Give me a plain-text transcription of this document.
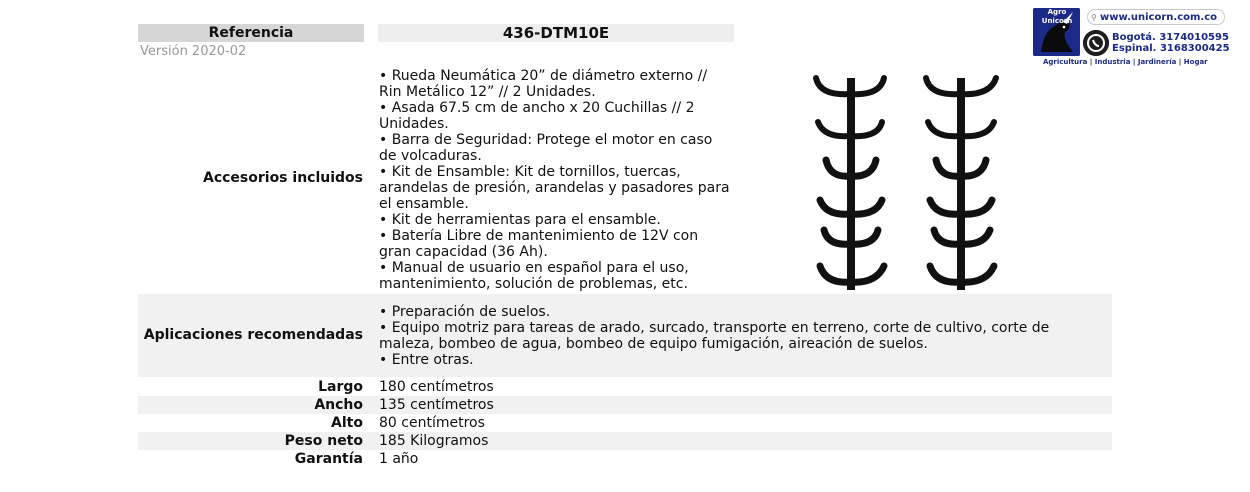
Referencia	436-DTM10E
Versión 2020-02
Agro Unicorn	⚲ www.unicorn.com.co
Bogotá. 3174010595
Espinal. 3168300425
Agricultura | Industria | Jardinería | Hogar
Accesorios incluidos
• Rueda Neumática 20” de diámetro externo // Rin Metálico 12” // 2 Unidades.
• Asada 67.5 cm de ancho x 20 Cuchillas // 2 Unidades.
• Barra de Seguridad: Protege el motor en caso de volcaduras.
• Kit de Ensamble: Kit de tornillos, tuercas, arandelas de presión, arandelas y pasadores para el ensamble.
• Kit de herramientas para el ensamble.
• Batería Libre de mantenimiento de 12V con gran capacidad (36 Ah).
• Manual de usuario en español para el uso, mantenimiento, solución de problemas, etc.
Aplicaciones recomendadas
• Preparación de suelos.
• Equipo motriz para tareas de arado, surcado, transporte en terreno, corte de cultivo, corte de maleza, bombeo de agua, bombeo de equipo fumigación, aireación de suelos.
• Entre otras.
Largo 180 centímetros
Ancho 135 centímetros
Alto 80 centímetros
Peso neto 185 Kilogramos
Garantía 1 año
